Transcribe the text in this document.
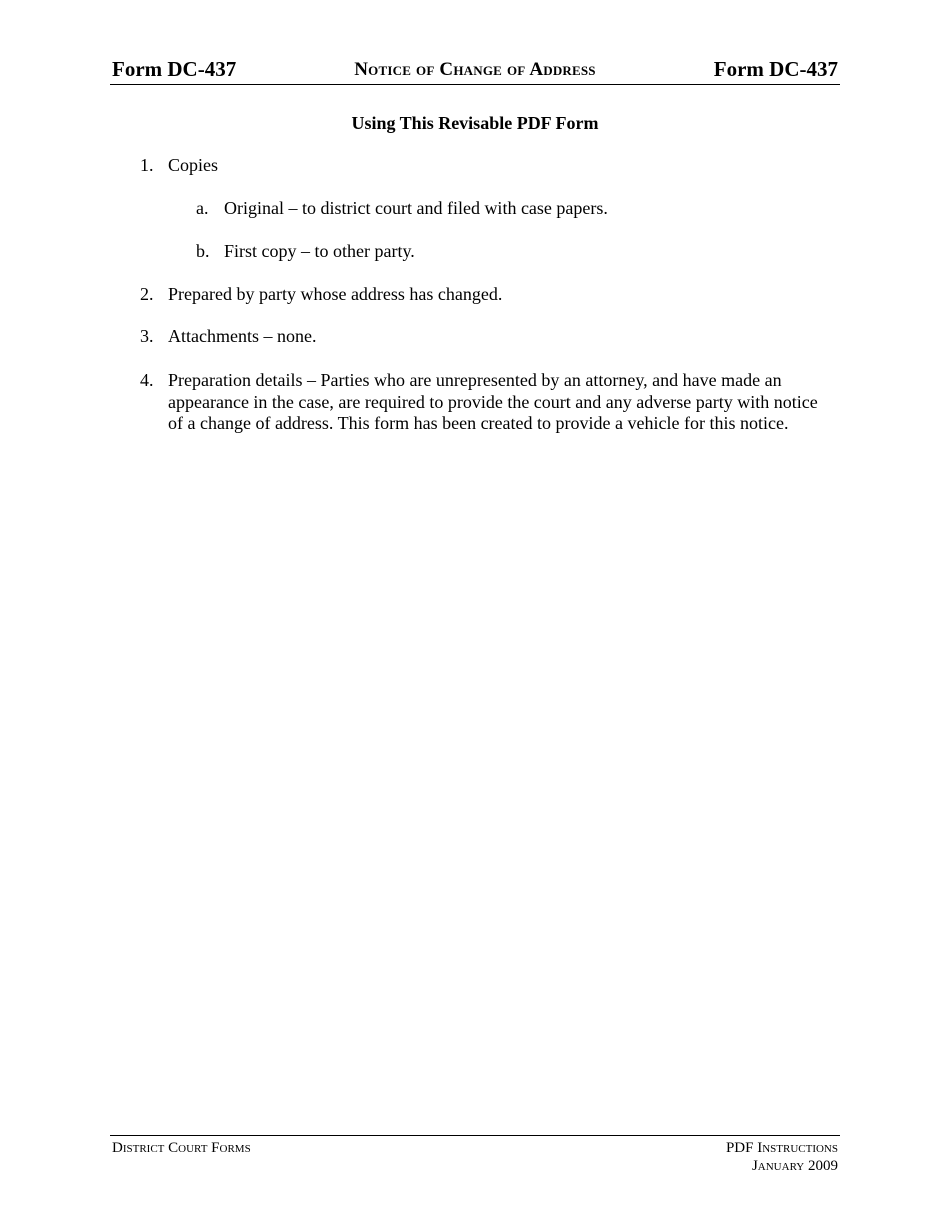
Form DC-437	Notice of Change of Address	Form DC-437
Using This Revisable PDF Form
1. Copies
a. Original – to district court and filed with case papers.
b. First copy – to other party.
2. Prepared by party whose address has changed.
3. Attachments – none.
4. Preparation details – Parties who are unrepresented by an attorney, and have made an appearance in the case, are required to provide the court and any adverse party with notice of a change of address. This form has been created to provide a vehicle for this notice.
District Court Forms	PDF Instructions
January 2009
